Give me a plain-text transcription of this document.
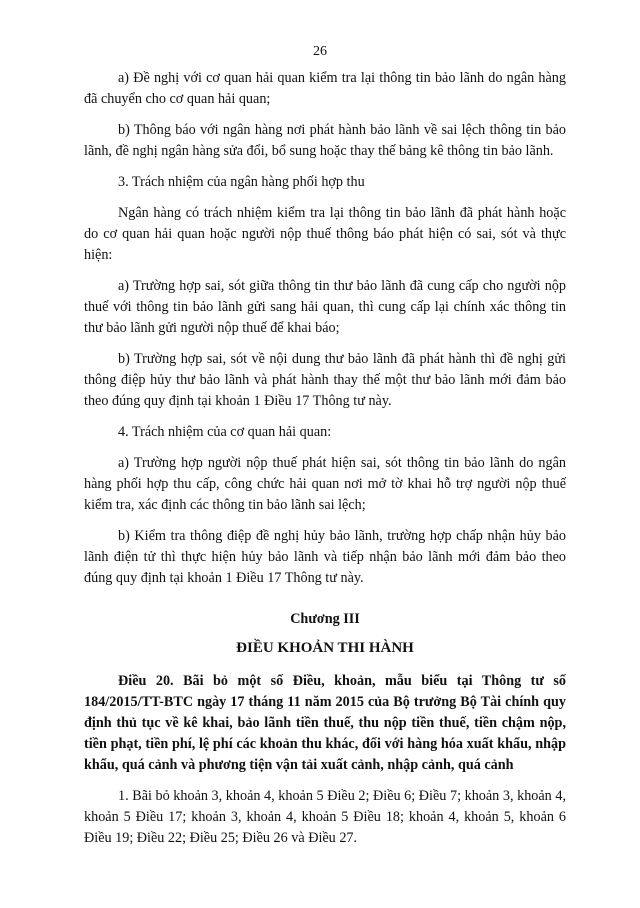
26

a) Đề nghị với cơ quan hải quan kiểm tra lại thông tin bảo lãnh do ngân hàng đã chuyển cho cơ quan hải quan;

b) Thông báo với ngân hàng nơi phát hành bảo lãnh về sai lệch thông tin bảo lãnh, đề nghị ngân hàng sửa đổi, bổ sung hoặc thay thế bảng kê thông tin bảo lãnh.

3. Trách nhiệm của ngân hàng phối hợp thu

Ngân hàng có trách nhiệm kiểm tra lại thông tin bảo lãnh đã phát hành hoặc do cơ quan hải quan hoặc người nộp thuế thông báo phát hiện có sai, sót và thực hiện:

a) Trường hợp sai, sót giữa thông tin thư bảo lãnh đã cung cấp cho người nộp thuế với thông tin bảo lãnh gửi sang hải quan, thì cung cấp lại chính xác thông tin thư bảo lãnh gửi người nộp thuế để khai báo;

b) Trường hợp sai, sót về nội dung thư bảo lãnh đã phát hành thì đề nghị gửi thông điệp hủy thư bảo lãnh và phát hành thay thế một thư bảo lãnh mới đảm bảo theo đúng quy định tại khoản 1 Điều 17 Thông tư này.

4. Trách nhiệm của cơ quan hải quan:

a) Trường hợp người nộp thuế phát hiện sai, sót thông tin bảo lãnh do ngân hàng phối hợp thu cấp, công chức hải quan nơi mở tờ khai hỗ trợ người nộp thuế kiểm tra, xác định các thông tin bảo lãnh sai lệch;

b) Kiểm tra thông điệp đề nghị hủy bảo lãnh, trường hợp chấp nhận hủy bảo lãnh điện tử thì thực hiện hủy bảo lãnh và tiếp nhận bảo lãnh mới đảm bảo theo đúng quy định tại khoản 1 Điều 17 Thông tư này.

Chương III

ĐIỀU KHOẢN THI HÀNH

Điều 20. Bãi bỏ một số Điều, khoản, mẫu biểu tại Thông tư số 184/2015/TT-BTC ngày 17 tháng 11 năm 2015 của Bộ trưởng Bộ Tài chính quy định thủ tục về kê khai, bảo lãnh tiền thuế, thu nộp tiền thuế, tiền chậm nộp, tiền phạt, tiền phí, lệ phí các khoản thu khác, đối với hàng hóa xuất khẩu, nhập khẩu, quá cảnh và phương tiện vận tải xuất cảnh, nhập cảnh, quá cảnh

1. Bãi bỏ khoản 3, khoản 4, khoản 5 Điều 2; Điều 6; Điều 7; khoản 3, khoản 4, khoản 5 Điều 17; khoản 3, khoản 4, khoản 5 Điều 18; khoản 4, khoản 5, khoản 6 Điều 19; Điều 22; Điều 25; Điều 26 và Điều 27.
